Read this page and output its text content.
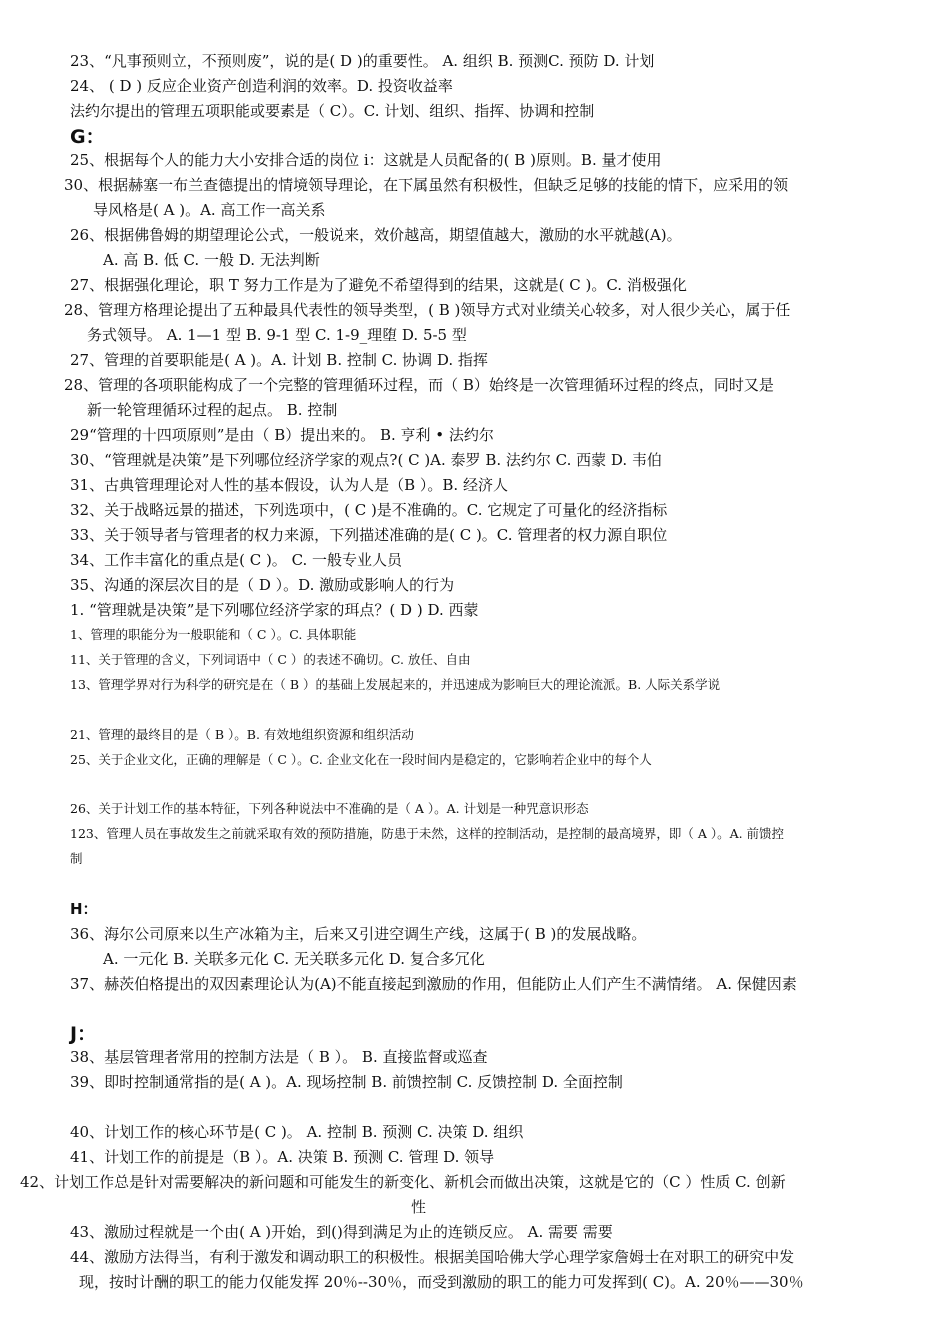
23、“凡事预则立，不预则废”，说的是( D )的重要性。 A. 组织 B. 预测C. 预防 D. 计划
24、 ( D ) 反应企业资产创造利润的效率。D. 投资收益率
法约尔提出的管理五项职能或要素是（ C）。C. 计划、组织、指挥、协调和控制
G：
25、根据每个人的能力大小安排合适的岗位 i：这就是人员配备的( B )原则。B. 量才使用
30、根据赫塞一布兰查德提出的情境领导理论，在下属虽然有积极性，但缺乏足够的技能的情下，应采用的领
导风格是( A )。A. 高工作一高关系
26、根据佛鲁姆的期望理论公式，一般说来，效价越高，期望值越大，激励的水平就越(A)。
A. 高 B. 低 C. 一般 D. 无法判断
27、根据强化理论，职 T 努力工作是为了避免不希望得到的结果，这就是( C )。C. 消极强化
28、管理方格理论提出了五种最具代表性的领导类型，( B )领导方式对业绩关心较多，对人很少关心，属于任
务式领导。 A. 1—1 型 B. 9-1 型 C. 1-9_理堕 D. 5-5 型
27、管理的首要职能是( A )。A. 计划 B. 控制 C. 协调 D. 指挥
28、管理的各项职能构成了一个完整的管理循环过程，而（ B）始终是一次管理循环过程的终点，同时又是
新一轮管理循环过程的起点。 B. 控制
29“管理的十四项原则”是由（ B）提出来的。 B. 亨利 • 法约尔
30、“管理就是决策”是下列哪位经济学家的观点?( C )A. 泰罗 B. 法约尔 C. 西蒙 D. 韦伯
31、古典管理理论对人性的基本假设，认为人是（B ）。B. 经济人
32、关于战略远景的描述，下列选项中，( C )是不准确的。C. 它规定了可量化的经济指标
33、关于领导者与管理者的权力来源，下列描述准确的是( C )。C. 管理者的权力源自职位
34、工作丰富化的重点是( C )。 C. 一般专业人员
35、沟通的深层次目的是（ D ）。D. 激励或影响人的行为
1. “管理就是决策”是下列哪位经济学家的珥点？( D ) D. 西蒙
1、管理的职能分为一般职能和（ C ）。C. 具体职能
11、关于管理的含义，下列词语中（ C ）的表述不确切。C. 放任、自由
13、管理学界对行为科学的研究是在（ B ）的基础上发展起来的，并迅速成为影响巨大的理论流派。B. 人际关系学说
21、管理的最终目的是（ B ）。B. 有效地组织资源和组织活动
25、关于企业文化，正确的理解是（ C ）。C. 企业文化在一段时间内是稳定的，它影响若企业中的每个人
26、关于计划工作的基本特征，下列各种说法中不准确的是（ A ）。A. 计划是一种咒意识形态
123、管理人员在事故发生之前就采取有效的预防措施，防患于未然，这样的控制活动，是控制的最高境界，即（ A ）。A. 前馈控
制
H：
36、海尔公司原来以生产冰箱为主，后来又引进空调生产线，这属于( B )的发展战略。
A. 一元化 B. 关联多元化 C. 无关联多元化 D. 复合多冗化
37、赫茨伯格提出的双因素理论认为(A)不能直接起到激励的作用，但能防止人们产生不满情绪。 A. 保健因素
J：
38、基层管理者常用的控制方法是（ B ）。 B. 直接监督或巡查
39、即时控制通常指的是( A )。A. 现场控制 B. 前馈控制 C. 反馈控制 D. 全面控制
40、计划工作的核心环节是( C )。 A. 控制 B. 预测 C. 决策 D. 组织
41、计划工作的前提是（B ）。A. 决策 B. 预测 C. 管理 D. 领导
42、计划工作总是针对需要解决的新问题和可能发生的新变化、新机会而做出决策，这就是它的（C ）性质 C. 创新
性
43、激励过程就是一个由( A )开始，到()得到满足为止的连锁反应。 A. 需要 需要
44、激励方法得当，有利于激发和调动职工的积极性。根据美国哈佛大学心理学家詹姆士在对职工的研究中发
现，按时计酬的职工的能力仅能发挥 20％--30％，而受到激励的职工的能力可发挥到( C)。A. 20％——30％
